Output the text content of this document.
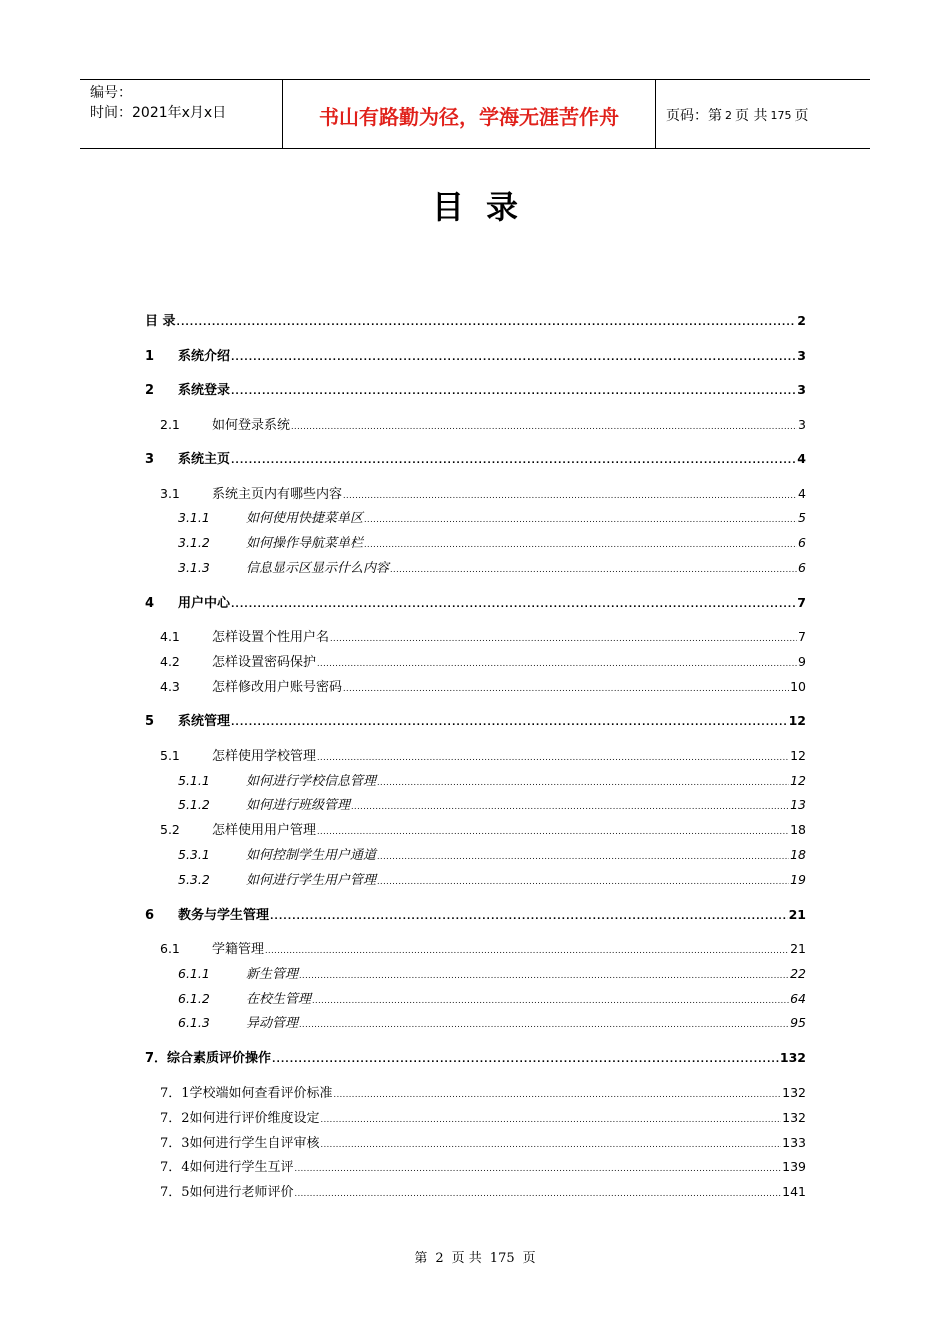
编号：
时间：2021年x月x日	书山有路勤为径，学海无涯苦作舟	页码：第 2 页 共 175 页
目录
目 录 .....	2
1	系统介绍 .....	3
2	系统登录 .....	3
2.1	如何登录系统 .....	3
3	系统主页 .....	4
3.1	系统主页内有哪些内容 .....	4
3.1.1	如何使用快捷菜单区 .....	5
3.1.2	如何操作导航菜单栏 .....	6
3.1.3	信息显示区显示什么内容 .....	6
4	用户中心 .....	7
4.1	怎样设置个性用户名 .....	7
4.2	怎样设置密码保护 .....	9
4.3	怎样修改用户账号密码 .....	10
5	系统管理 .....	12
5.1	怎样使用学校管理 .....	12
5.1.1	如何进行学校信息管理 .....	12
5.1.2	如何进行班级管理 .....	13
5.2	怎样使用用户管理 .....	18
5.3.1	如何控制学生用户通道 .....	18
5.3.2	如何进行学生用户管理 .....	19
6	教务与学生管理 .....	21
6.1	学籍管理 .....	21
6.1.1	新生管理 .....	22
6.1.2	在校生管理 .....	64
6.1.3	异动管理 .....	95
7．综合素质评价操作 .....	132
7．1学校端如何查看评价标准 .....	132
7．2如何进行评价维度设定 .....	132
7．3如何进行学生自评审核 .....	133
7．4如何进行学生互评 .....	139
7．5如何进行老师评价 .....	141
第 2 页 共 175 页
